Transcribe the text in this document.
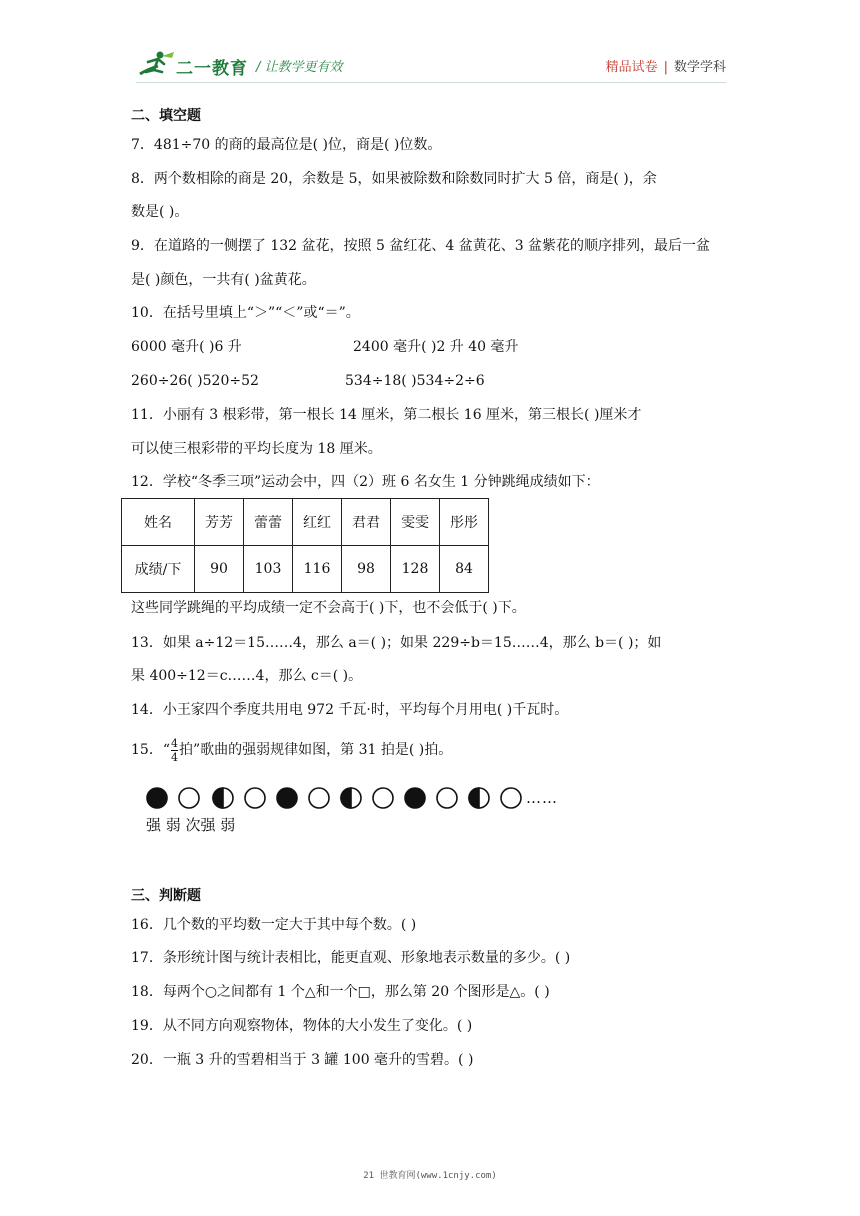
二一教育 / 让教学更有效	精品试卷 | 数学学科
二、填空题
7．481÷70 的商的最高位是( )位，商是( )位数。
8．两个数相除的商是 20，余数是 5，如果被除数和除数同时扩大 5 倍，商是( )，余
数是( )。
9．在道路的一侧摆了 132 盆花，按照 5 盆红花、4 盆黄花、3 盆紫花的顺序排列，最后一盆
是( )颜色，一共有( )盆黄花。
10．在括号里填上“＞”“＜”或“＝”。
6000 毫升( )6 升	2400 毫升( )2 升 40 毫升
260÷26( )520÷52	534÷18( )534÷2÷6
11．小丽有 3 根彩带，第一根长 14 厘米，第二根长 16 厘米，第三根长( )厘米才
可以使三根彩带的平均长度为 18 厘米。
12．学校“冬季三项”运动会中，四（2）班 6 名女生 1 分钟跳绳成绩如下：
姓名	芳芳	蕾蕾	红红	君君	雯雯	彤彤
成绩/下	90	103	116	98	128	84
这些同学跳绳的平均成绩一定不会高于( )下，也不会低于( )下。
13．如果 a÷12＝15……4，那么 a＝( )；如果 229÷b＝15……4，那么 b＝( )；如
果 400÷12＝c……4，那么 c＝( )。
14．小王家四个季度共用电 972 千瓦·时，平均每个月用电( )千瓦时。
15．“ $\frac{4}{4}$ 拍”歌曲的强弱规律如图，第 31 拍是( )拍。
……
强 弱 次强 弱
三、判断题
16．几个数的平均数一定大于其中每个数。( )
17．条形统计图与统计表相比，能更直观、形象地表示数量的多少。( )
18．每两个○之间都有 1 个△和一个□，那么第 20 个图形是△。( )
19．从不同方向观察物体，物体的大小发生了变化。( )
20．一瓶 3 升的雪碧相当于 3 罐 100 毫升的雪碧。( )
21 世教育网(www.1cnjy.com)
